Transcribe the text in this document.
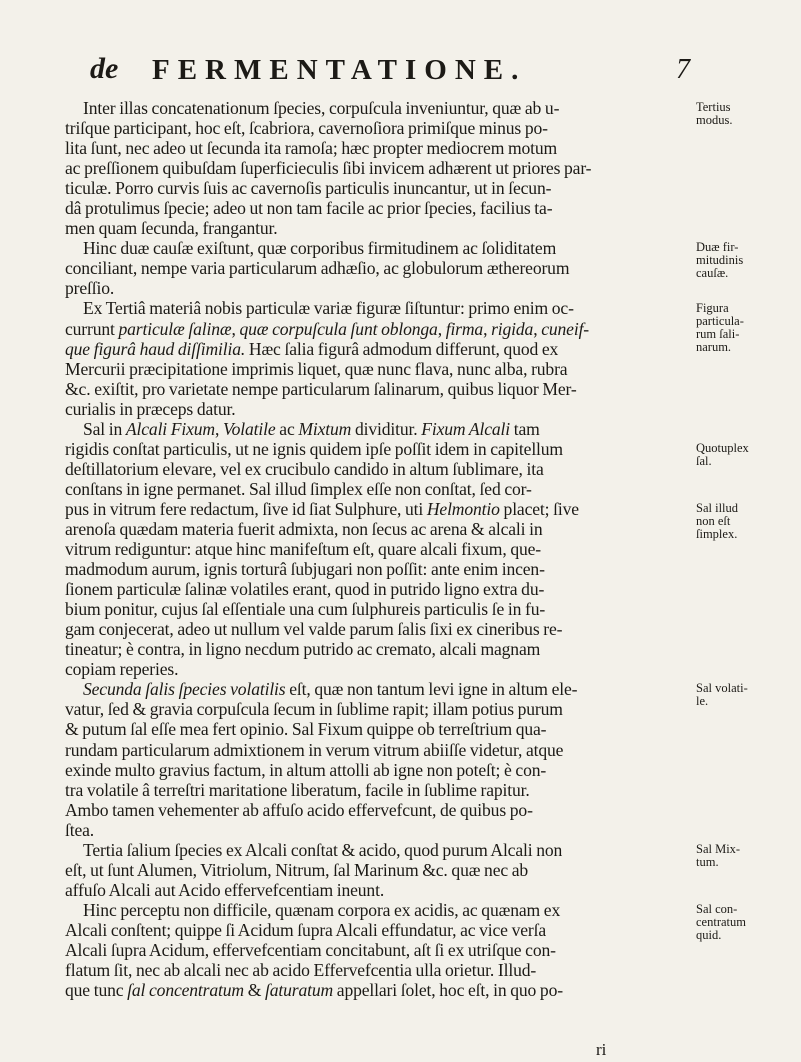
de FERMENTATIONE.	7
Inter illas concatenationum ſpecies, corpuſcula inveniuntur, quæ ab u-
triſque participant, hoc eſt, ſcabriora, cavernoſiora primiſque minus po-
lita ſunt, nec adeo ut ſecunda ita ramoſa; hæc propter mediocrem motum
ac preſſionem quibuſdam ſuperficieculis ſibi invicem adhærent ut priores par-
ticulæ. Porro curvis ſuis ac cavernoſis particulis inuncantur, ut in ſecun-
dâ protulimus ſpecie; adeo ut non tam facile ac prior ſpecies, facilius ta-
men quam ſecunda, frangantur.
Hinc duæ cauſæ exiſtunt, quæ corporibus firmitudinem ac ſoliditatem
conciliant, nempe varia particularum adhæſio, ac globulorum æthereorum
preſſio.
Ex Tertiâ materiâ nobis particulæ variæ figuræ ſiſtuntur: primo enim oc-
currunt particulæ ſalinæ, quæ corpuſcula ſunt oblonga, firma, rigida, cuneif-
que figurâ haud diſſimilia. Hæc ſalia figurâ admodum differunt, quod ex
Mercurii præcipitatione imprimis liquet, quæ nunc flava, nunc alba, rubra
&c. exiſtit, pro varietate nempe particularum ſalinarum, quibus liquor Mer-
curialis in præceps datur.
Sal in Alcali Fixum, Volatile ac Mixtum dividitur. Fixum Alcali tam
rigidis conſtat particulis, ut ne ignis quidem ipſe poſſit idem in capitellum
deſtillatorium elevare, vel ex crucibulo candido in altum ſublimare, ita
conſtans in igne permanet. Sal illud ſimplex eſſe non conſtat, ſed cor-
pus in vitrum fere redactum, ſive id ſiat Sulphure, uti Helmontio placet; ſive
arenoſa quædam materia fuerit admixta, non ſecus ac arena & alcali in
vitrum rediguntur: atque hinc manifeſtum eſt, quare alcali fixum, que-
madmodum aurum, ignis torturâ ſubjugari non poſſit: ante enim incen-
ſionem particulæ ſalinæ volatiles erant, quod in putrido ligno extra du-
bium ponitur, cujus ſal eſſentiale una cum ſulphureis particulis ſe in fu-
gam conjecerat, adeo ut nullum vel valde parum ſalis ſixi ex cineribus re-
tineatur; è contra, in ligno necdum putrido ac cremato, alcali magnam
copiam reperies.
Secunda ſalis ſpecies volatilis eſt, quæ non tantum levi igne in altum ele-
vatur, ſed & gravia corpuſcula ſecum in ſublime rapit; illam potius purum
& putum ſal eſſe mea fert opinio. Sal Fixum quippe ob terreſtrium qua-
rundam particularum admixtionem in verum vitrum abiiſſe videtur, atque
exinde multo gravius factum, in altum attolli ab igne non poteſt; è con-
tra volatile â terreſtri maritatione liberatum, facile in ſublime rapitur.
Ambo tamen vehementer ab affuſo acido effervefcunt, de quibus po-
ſtea.
Tertia ſalium ſpecies ex Alcali conſtat & acido, quod purum Alcali non
eſt, ut ſunt Alumen, Vitriolum, Nitrum, ſal Marinum &c. quæ nec ab
affuſo Alcali aut Acido effervefcentiam ineunt.
Hinc perceptu non difficile, quænam corpora ex acidis, ac quænam ex
Alcali conſtent; quippe ſi Acidum ſupra Alcali effundatur, ac vice verſa
Alcali ſupra Acidum, effervefcentiam concitabunt, aſt ſi ex utriſque con-
flatum ſit, nec ab alcali nec ab acido Effervefcentia ulla orietur. Illud-
que tunc ſal concentratum & ſaturatum appellari ſolet, hoc eſt, in quo po-
Tertius
modus.
Duæ fir-
mitudinis
cauſæ.
Figura
particula-
rum ſali-
narum.
Quotuplex
ſal.
Sal illud
non eſt
ſimplex.
Sal volati-
le.
Sal Mix-
tum.
Sal con-
centratum
quid.
ri
